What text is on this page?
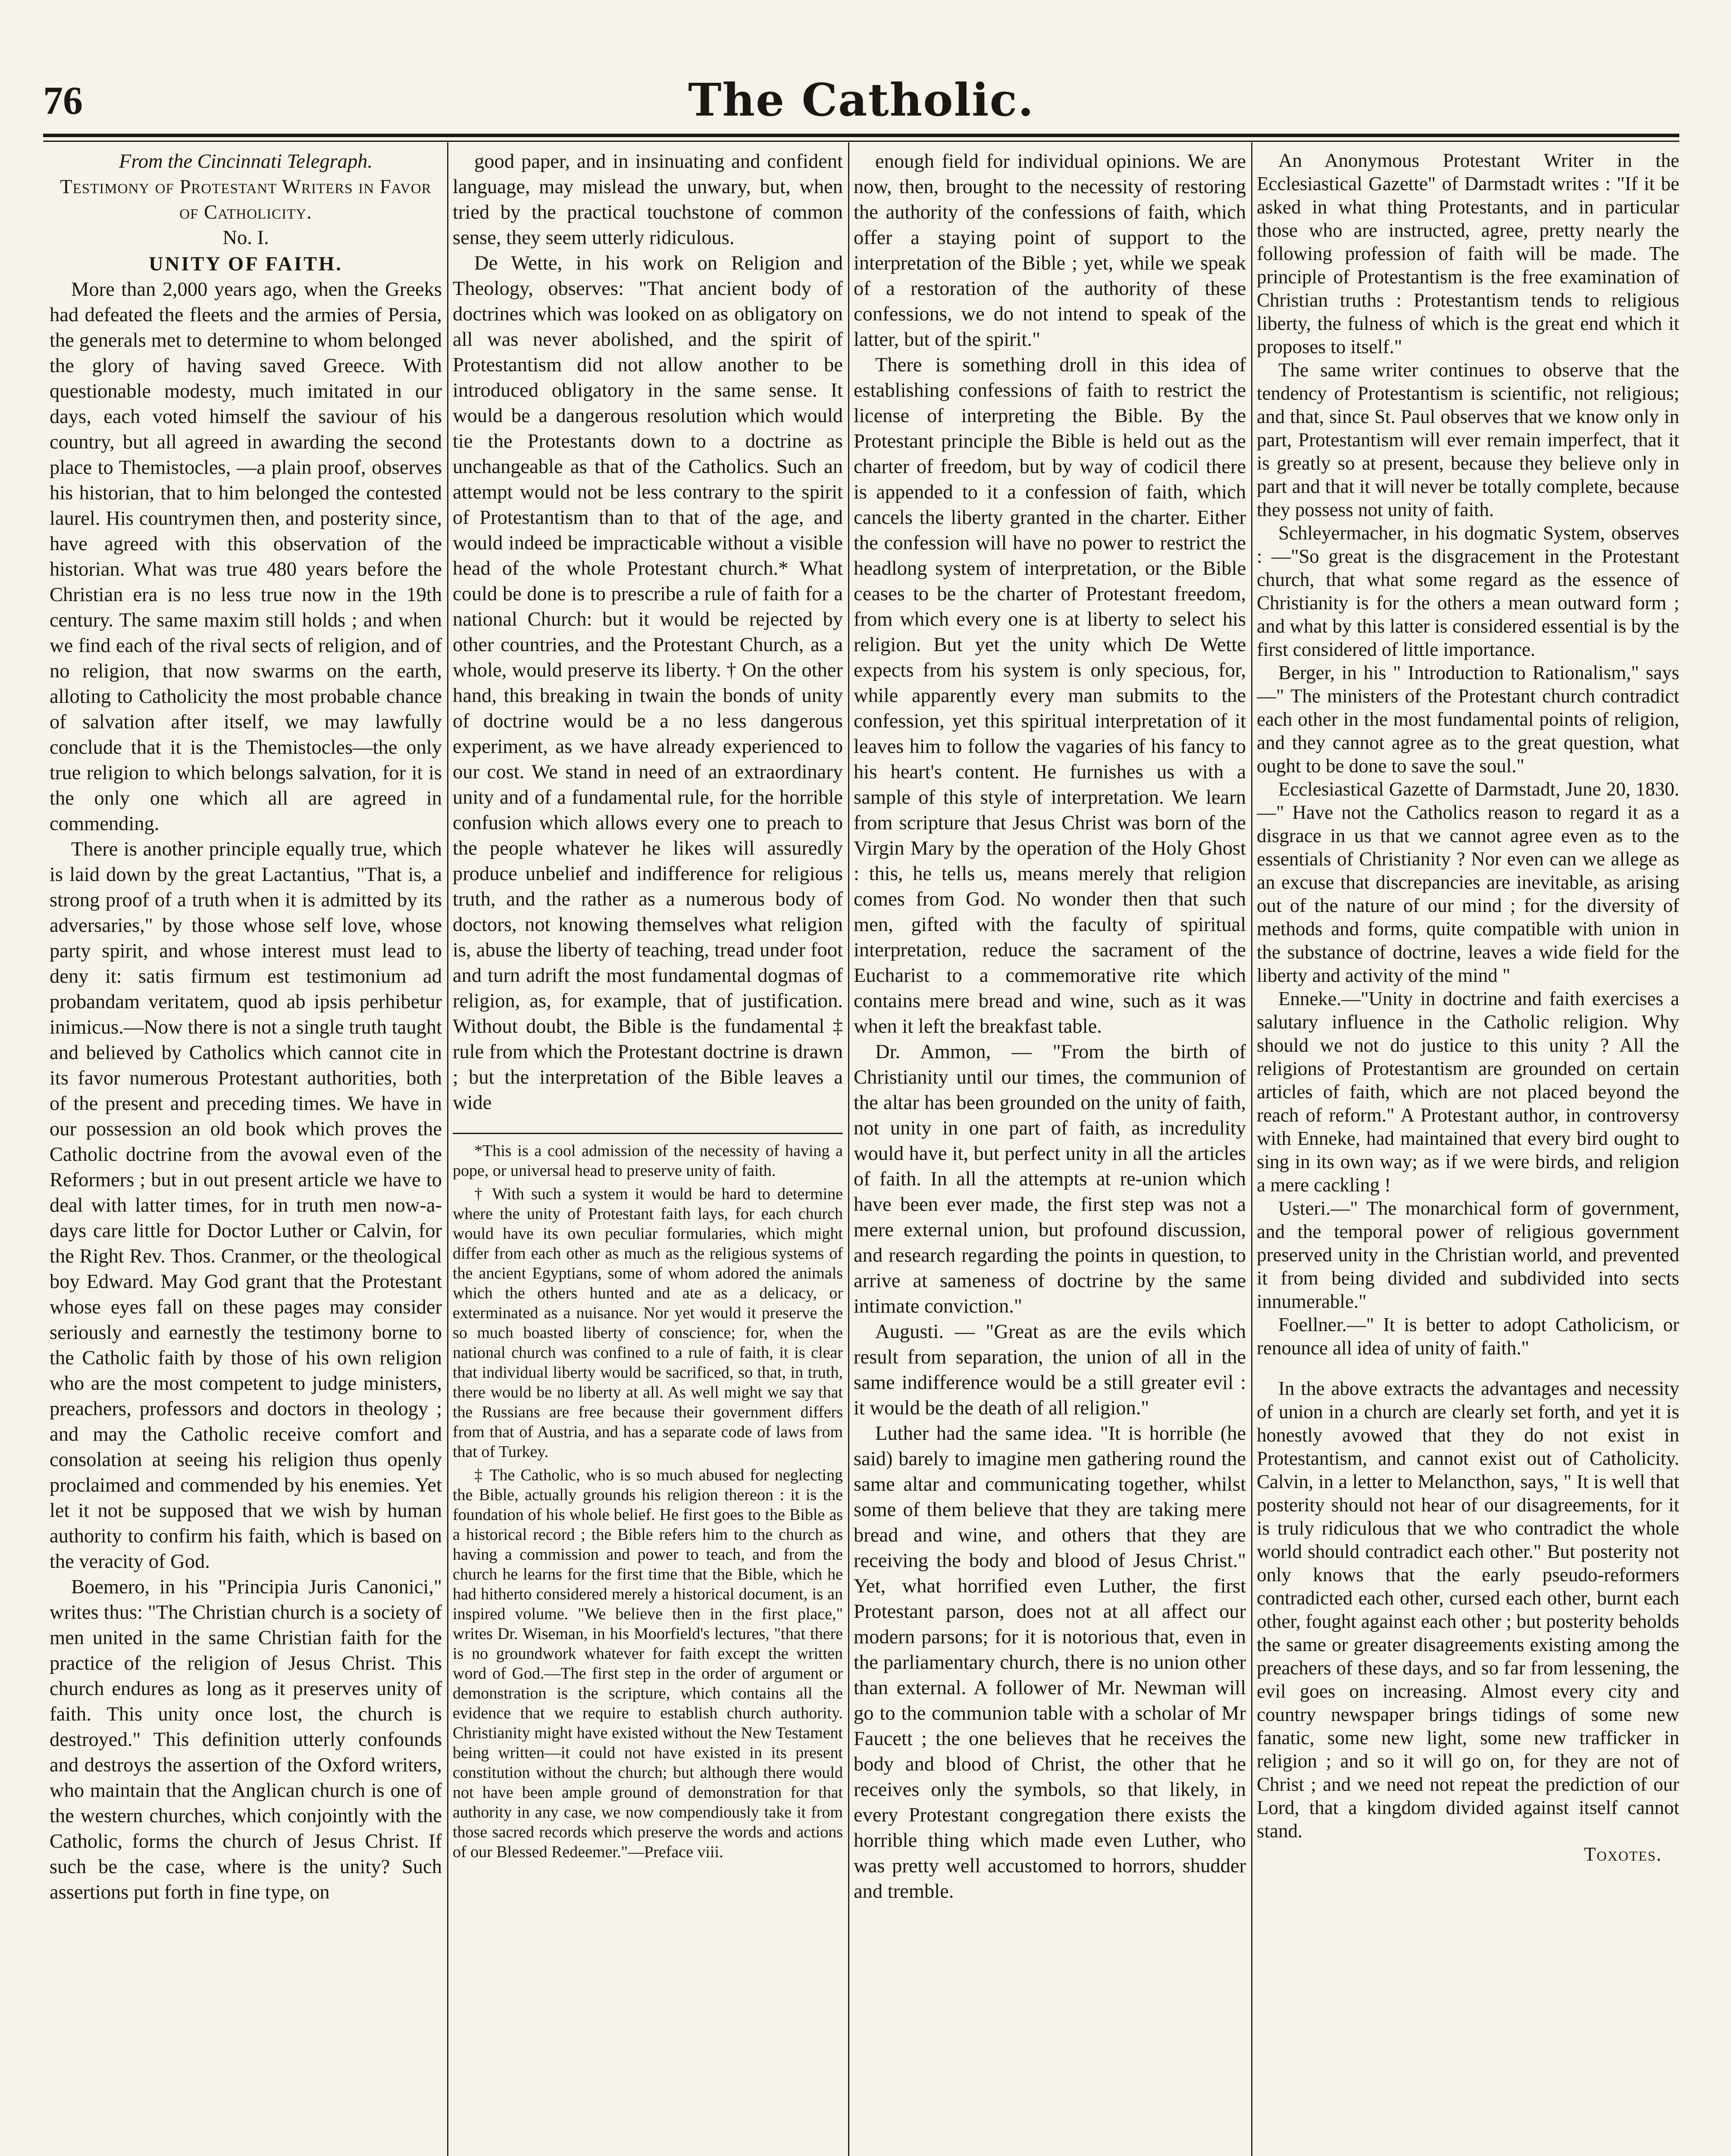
76	The Catholic.

From the Cincinnati Telegraph.

Testimony of Protestant Writers in Favor of Catholicity.

No. I.

UNITY OF FAITH.

More than 2,000 years ago, when the Greeks had defeated the fleets and the armies of Persia, the generals met to determine to whom belonged the glory of having saved Greece. With questionable modesty, much imitated in our days, each voted himself the saviour of his country, but all agreed in awarding the second place to Themistocles, —a plain proof, observes his historian, that to him belonged the contested laurel. His countrymen then, and posterity since, have agreed with this observation of the historian. What was true 480 years before the Christian era is no less true now in the 19th century. The same maxim still holds ; and when we find each of the rival sects of religion, and of no religion, that now swarms on the earth, alloting to Catholicity the most probable chance of salvation after itself, we may lawfully conclude that it is the Themistocles—the only true religion to which belongs salvation, for it is the only one which all are agreed in commending.

There is another principle equally true, which is laid down by the great Lactantius, "That is, a strong proof of a truth when it is admitted by its adversaries," by those whose self love, whose party spirit, and whose interest must lead to deny it: satis firmum est testimonium ad probandam veritatem, quod ab ipsis perhibetur inimicus.—Now there is not a single truth taught and believed by Catholics which cannot cite in its favor numerous Protestant authorities, both of the present and preceding times. We have in our possession an old book which proves the Catholic doctrine from the avowal even of the Reformers ; but in out present article we have to deal with latter times, for in truth men now-a-days care little for Doctor Luther or Calvin, for the Right Rev. Thos. Cranmer, or the theological boy Edward. May God grant that the Protestant whose eyes fall on these pages may consider seriously and earnestly the testimony borne to the Catholic faith by those of his own religion who are the most competent to judge ministers, preachers, professors and doctors in theology ; and may the Catholic receive comfort and consolation at seeing his religion thus openly proclaimed and commended by his enemies. Yet let it not be supposed that we wish by human authority to confirm his faith, which is based on the veracity of God.

Boemero, in his "Principia Juris Canonici," writes thus: "The Christian church is a society of men united in the same Christian faith for the practice of the religion of Jesus Christ. This church endures as long as it preserves unity of faith. This unity once lost, the church is destroyed." This definition utterly confounds and destroys the assertion of the Oxford writers, who maintain that the Anglican church is one of the western churches, which conjointly with the Catholic, forms the church of Jesus Christ. If such be the case, where is the unity? Such assertions put forth in fine type, on

good paper, and in insinuating and confident language, may mislead the unwary, but, when tried by the practical touchstone of common sense, they seem utterly ridiculous.

De Wette, in his work on Religion and Theology, observes: "That ancient body of doctrines which was looked on as obligatory on all was never abolished, and the spirit of Protestantism did not allow another to be introduced obligatory in the same sense. It would be a dangerous resolution which would tie the Protestants down to a doctrine as unchangeable as that of the Catholics. Such an attempt would not be less contrary to the spirit of Protestantism than to that of the age, and would indeed be impracticable without a visible head of the whole Protestant church.* What could be done is to prescribe a rule of faith for a national Church: but it would be rejected by other countries, and the Protestant Church, as a whole, would preserve its liberty. † On the other hand, this breaking in twain the bonds of unity of doctrine would be a no less dangerous experiment, as we have already experienced to our cost. We stand in need of an extraordinary unity and of a fundamental rule, for the horrible confusion which allows every one to preach to the people whatever he likes will assuredly produce unbelief and indifference for religious truth, and the rather as a numerous body of doctors, not knowing themselves what religion is, abuse the liberty of teaching, tread under foot and turn adrift the most fundamental dogmas of religion, as, for example, that of justification. Without doubt, the Bible is the fundamental ‡ rule from which the Protestant doctrine is drawn ; but the interpretation of the Bible leaves a wide

*This is a cool admission of the necessity of having a pope, or universal head to preserve unity of faith.

† With such a system it would be hard to determine where the unity of Protestant faith lays, for each church would have its own peculiar formularies, which might differ from each other as much as the religious systems of the ancient Egyptians, some of whom adored the animals which the others hunted and ate as a delicacy, or exterminated as a nuisance. Nor yet would it preserve the so much boasted liberty of conscience; for, when the national church was confined to a rule of faith, it is clear that individual liberty would be sacrificed, so that, in truth, there would be no liberty at all. As well might we say that the Russians are free because their government differs from that of Austria, and has a separate code of laws from that of Turkey.

‡ The Catholic, who is so much abused for neglecting the Bible, actually grounds his religion thereon : it is the foundation of his whole belief. He first goes to the Bible as a historical record ; the Bible refers him to the church as having a commission and power to teach, and from the church he learns for the first time that the Bible, which he had hitherto considered merely a historical document, is an inspired volume. "We believe then in the first place," writes Dr. Wiseman, in his Moorfield's lectures, "that there is no groundwork whatever for faith except the written word of God.—The first step in the order of argument or demonstration is the scripture, which contains all the evidence that we require to establish church authority. Christianity might have existed without the New Testament being written—it could not have existed in its present constitution without the church; but although there would not have been ample ground of demonstration for that authority in any case, we now compendiously take it from those sacred records which preserve the words and actions of our Blessed Redeemer."—Preface viii.

enough field for individual opinions. We are now, then, brought to the necessity of restoring the authority of the confessions of faith, which offer a staying point of support to the interpretation of the Bible ; yet, while we speak of a restoration of the authority of these confessions, we do not intend to speak of the latter, but of the spirit."

There is something droll in this idea of establishing confessions of faith to restrict the license of interpreting the Bible. By the Protestant principle the Bible is held out as the charter of freedom, but by way of codicil there is appended to it a confession of faith, which cancels the liberty granted in the charter. Either the confession will have no power to restrict the headlong system of interpretation, or the Bible ceases to be the charter of Protestant freedom, from which every one is at liberty to select his religion. But yet the unity which De Wette expects from his system is only specious, for, while apparently every man submits to the confession, yet this spiritual interpretation of it leaves him to follow the vagaries of his fancy to his heart's content. He furnishes us with a sample of this style of interpretation. We learn from scripture that Jesus Christ was born of the Virgin Mary by the operation of the Holy Ghost : this, he tells us, means merely that religion comes from God. No wonder then that such men, gifted with the faculty of spiritual interpretation, reduce the sacrament of the Eucharist to a commemorative rite which contains mere bread and wine, such as it was when it left the breakfast table.

Dr. Ammon, — "From the birth of Christianity until our times, the communion of the altar has been grounded on the unity of faith, not unity in one part of faith, as incredulity would have it, but perfect unity in all the articles of faith. In all the attempts at re-union which have been ever made, the first step was not a mere external union, but profound discussion, and research regarding the points in question, to arrive at sameness of doctrine by the same intimate conviction."

Augusti. — "Great as are the evils which result from separation, the union of all in the same indifference would be a still greater evil : it would be the death of all religion."

Luther had the same idea. "It is horrible (he said) barely to imagine men gathering round the same altar and communicating together, whilst some of them believe that they are taking mere bread and wine, and others that they are receiving the body and blood of Jesus Christ." Yet, what horrified even Luther, the first Protestant parson, does not at all affect our modern parsons; for it is notorious that, even in the parliamentary church, there is no union other than external. A follower of Mr. Newman will go to the communion table with a scholar of Mr Faucett ; the one believes that he receives the body and blood of Christ, the other that he receives only the symbols, so that likely, in every Protestant congregation there exists the horrible thing which made even Luther, who was pretty well accustomed to horrors, shudder and tremble.

An Anonymous Protestant Writer in the Ecclesiastical Gazette" of Darmstadt writes : "If it be asked in what thing Protestants, and in particular those who are instructed, agree, pretty nearly the following profession of faith will be made. The principle of Protestantism is the free examination of Christian truths : Protestantism tends to religious liberty, the fulness of which is the great end which it proposes to itself."

The same writer continues to observe that the tendency of Protestantism is scientific, not religious; and that, since St. Paul observes that we know only in part, Protestantism will ever remain imperfect, that it is greatly so at present, because they believe only in part and that it will never be totally complete, because they possess not unity of faith.

Schleyermacher, in his dogmatic System, observes : —"So great is the disgracement in the Protestant church, that what some regard as the essence of Christianity is for the others a mean outward form ; and what by this latter is considered essential is by the first considered of little importance.

Berger, in his " Introduction to Rationalism," says—" The ministers of the Protestant church contradict each other in the most fundamental points of religion, and they cannot agree as to the great question, what ought to be done to save the soul."

Ecclesiastical Gazette of Darmstadt, June 20, 1830.—" Have not the Catholics reason to regard it as a disgrace in us that we cannot agree even as to the essentials of Christianity ? Nor even can we allege as an excuse that discrepancies are inevitable, as arising out of the nature of our mind ; for the diversity of methods and forms, quite compatible with union in the substance of doctrine, leaves a wide field for the liberty and activity of the mind "

Enneke.—"Unity in doctrine and faith exercises a salutary influence in the Catholic religion. Why should we not do justice to this unity ? All the religions of Protestantism are grounded on certain articles of faith, which are not placed beyond the reach of reform." A Protestant author, in controversy with Enneke, had maintained that every bird ought to sing in its own way; as if we were birds, and religion a mere cackling !

Usteri.—" The monarchical form of government, and the temporal power of religious government preserved unity in the Christian world, and prevented it from being divided and subdivided into sects innumerable."

Foellner.—" It is better to adopt Catholicism, or renounce all idea of unity of faith."

In the above extracts the advantages and necessity of union in a church are clearly set forth, and yet it is honestly avowed that they do not exist in Protestantism, and cannot exist out of Catholicity. Calvin, in a letter to Melancthon, says, " It is well that posterity should not hear of our disagreements, for it is truly ridiculous that we who contradict the whole world should contradict each other." But posterity not only knows that the early pseudo-reformers contradicted each other, cursed each other, burnt each other, fought against each other ; but posterity beholds the same or greater disagreements existing among the preachers of these days, and so far from lessening, the evil goes on increasing. Almost every city and country newspaper brings tidings of some new fanatic, some new light, some new trafficker in religion ; and so it will go on, for they are not of Christ ; and we need not repeat the prediction of our Lord, that a kingdom divided against itself cannot stand.

Toxotes.
